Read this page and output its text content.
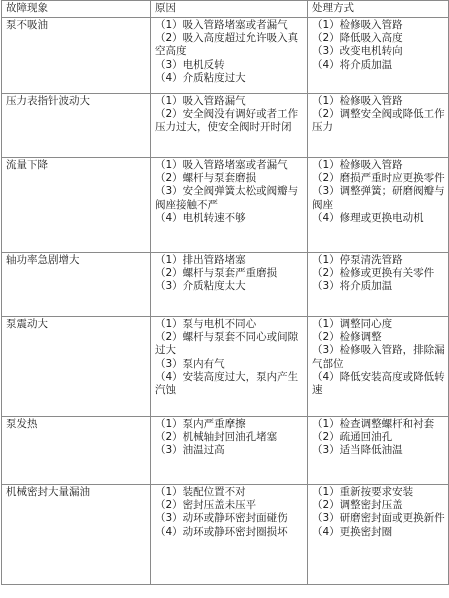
故障现象	原因	处理方式

泵不吸油	（1）吸入管路堵塞或者漏气
（2）吸入高度超过允许吸入真空高度
（3）电机反转
（4）介质粘度过大	（1）检修吸入管路
（2）降低吸入高度
（3）改变电机转向
（4）将介质加温

压力表指针波动大	（1）吸入管路漏气
（2）安全阀没有调好或者工作压力过大，使安全阀时开时闭	（1）检修吸入管路
（2）调整安全阀或降低工作压力

流量下降	（1）吸入管路堵塞或者漏气
（2）螺杆与泵套磨损
（3）安全阀弹簧太松或阀瓣与阀座接触不严
（4）电机转速不够	（1）检修吸入管路
（2）磨损严重时应更换零件
（3）调整弹簧；研磨阀瓣与阀座
（4）修理或更换电动机

轴功率急剧增大	（1）排出管路堵塞
（2）螺杆与泵套严重磨损
（3）介质粘度太大	（1）停泵清洗管路
（2）检修或更换有关零件
（3）将介质加温

泵震动大	（1）泵与电机不同心
（2）螺杆与泵套不同心或间隙过大
（3）泵内有气
（4）安装高度过大，泵内产生汽蚀	（1）调整同心度
（2）检修调整
（3）检修吸入管路，排除漏气部位
（4）降低安装高度或降低转速

泵发热	（1）泵内严重摩擦
（2）机械轴封回油孔堵塞
（3）油温过高	（1）检查调整螺杆和衬套
（2）疏通回油孔
（3）适当降低油温

机械密封大量漏油	（1）装配位置不对
（2）密封压盖未压平
（3）动环或静环密封面碰伤
（4）动环或静环密封圈损坏	（1）重新按要求安装
（2）调整密封压盖
（3）研磨密封面或更换新件
（4）更换密封圈
